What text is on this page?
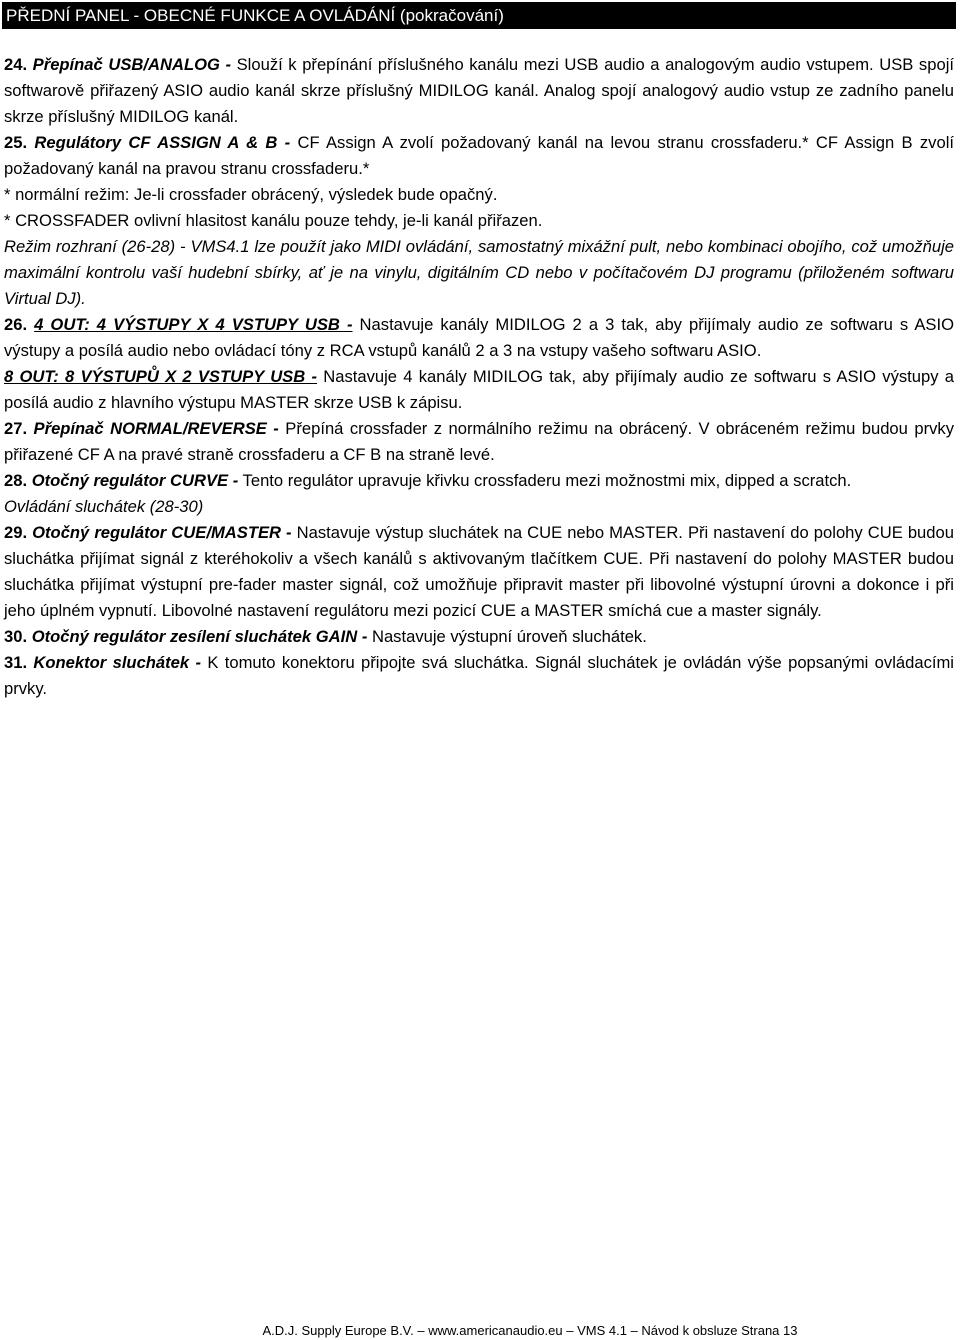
PŘEDNÍ PANEL - OBECNÉ FUNKCE A OVLÁDÁNÍ (pokračování)

24. Přepínač USB/ANALOG - Slouží k přepínání příslušného kanálu mezi USB audio a analogovým audio vstupem. USB spojí softwarově přiřazený ASIO audio kanál skrze příslušný MIDILOG kanál. Analog spojí analogový audio vstup ze zadního panelu skrze příslušný MIDILOG kanál.

25. Regulátory CF ASSIGN A & B - CF Assign A zvolí požadovaný kanál na levou stranu crossfaderu.* CF Assign B zvolí požadovaný kanál na pravou stranu crossfaderu.*

* normální režim: Je-li crossfader obrácený, výsledek bude opačný.

* CROSSFADER ovlivní hlasitost kanálu pouze tehdy, je-li kanál přiřazen.

Režim rozhraní (26-28) - VMS4.1 lze použít jako MIDI ovládání, samostatný mixážní pult, nebo kombinaci obojího, což umožňuje maximální kontrolu vaší hudební sbírky, ať je na vinylu, digitálním CD nebo v počítačovém DJ programu (přiloženém softwaru Virtual DJ).

26. 4 OUT: 4 VÝSTUPY X 4 VSTUPY USB - Nastavuje kanály MIDILOG 2 a 3 tak, aby přijímaly audio ze softwaru s ASIO výstupy a posílá audio nebo ovládací tóny z RCA vstupů kanálů 2 a 3 na vstupy vašeho softwaru ASIO.

8 OUT: 8 VÝSTUPŮ X 2 VSTUPY USB - Nastavuje 4 kanály MIDILOG tak, aby přijímaly audio ze softwaru s ASIO výstupy a posílá audio z hlavního výstupu MASTER skrze USB k zápisu.

27. Přepínač NORMAL/REVERSE - Přepíná crossfader z normálního režimu na obrácený. V obráceném režimu budou prvky přiřazené CF A na pravé straně crossfaderu a CF B na straně levé.

28. Otočný regulátor CURVE - Tento regulátor upravuje křivku crossfaderu mezi možnostmi mix, dipped a scratch.

Ovládání sluchátek (28-30)

29. Otočný regulátor CUE/MASTER - Nastavuje výstup sluchátek na CUE nebo MASTER. Při nastavení do polohy CUE budou sluchátka přijímat signál z kteréhokoliv a všech kanálů s aktivovaným tlačítkem CUE. Při nastavení do polohy MASTER budou sluchátka přijímat výstupní pre-fader master signál, což umožňuje připravit master při libovolné výstupní úrovni a dokonce i při jeho úplném vypnutí. Libovolné nastavení regulátoru mezi pozicí CUE a MASTER smíchá cue a master signály.

30. Otočný regulátor zesílení sluchátek GAIN - Nastavuje výstupní úroveň sluchátek.

31. Konektor sluchátek - K tomuto konektoru připojte svá sluchátka. Signál sluchátek je ovládán výše popsanými ovládacími prvky.

A.D.J. Supply Europe B.V. – www.americanaudio.eu – VMS 4.1 – Návod k obsluze Strana 13
